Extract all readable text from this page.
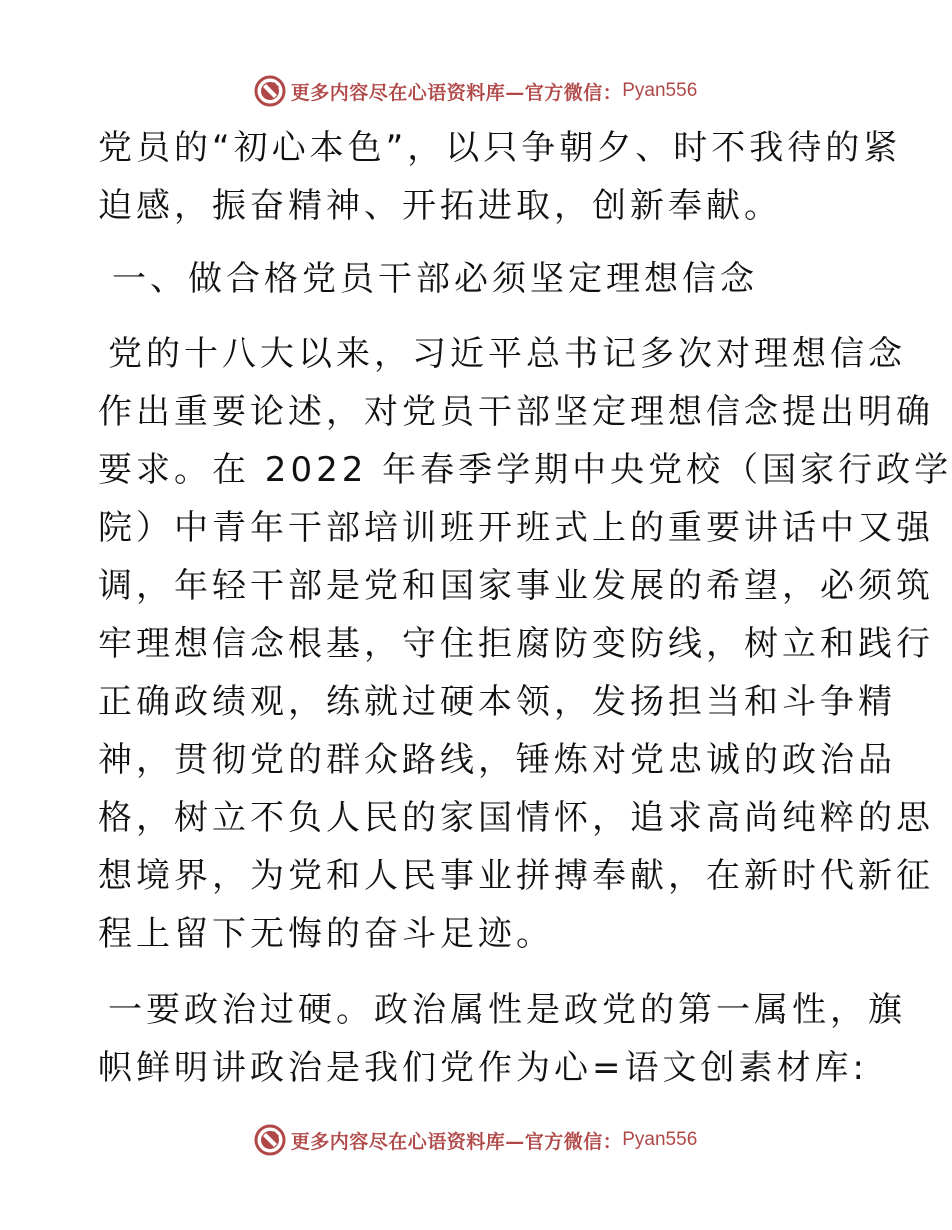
更多内容尽在心语资料库—官方微信： Pyan556
党员的“初心本色”，以只争朝夕、时不我待的紧
迫感，振奋精神、开拓进取，创新奉献。
一、做合格党员干部必须坚定理想信念
党的十八大以来，习近平总书记多次对理想信念
作出重要论述，对党员干部坚定理想信念提出明确
要求。在 2022 年春季学期中央党校（国家行政学
院）中青年干部培训班开班式上的重要讲话中又强
调，年轻干部是党和国家事业发展的希望，必须筑
牢理想信念根基，守住拒腐防变防线，树立和践行
正确政绩观，练就过硬本领，发扬担当和斗争精
神，贯彻党的群众路线，锤炼对党忠诚的政治品
格，树立不负人民的家国情怀，追求高尚纯粹的思
想境界，为党和人民事业拼搏奉献，在新时代新征
程上留下无悔的奋斗足迹。
一要政治过硬。政治属性是政党的第一属性，旗
帜鲜明讲政治是我们党作为心=语文创素材库:
更多内容尽在心语资料库—官方微信： Pyan556
